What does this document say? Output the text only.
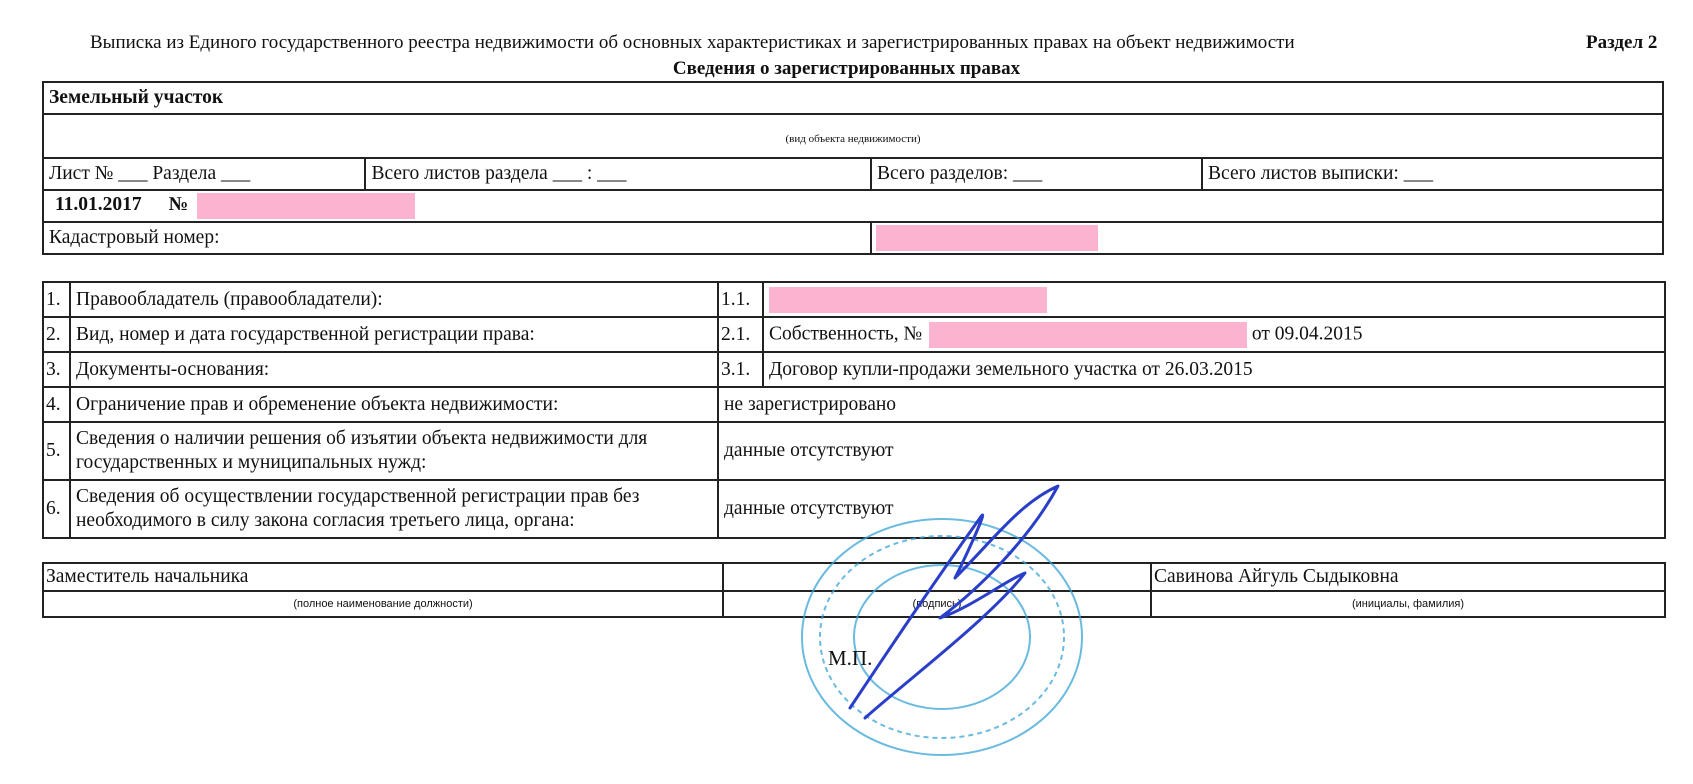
Выписка из Единого государственного реестра недвижимости об основных характеристиках и зарегистрированных правах на объект недвижимости	Раздел 2
Сведения о зарегистрированных правах
Земельный участок			
(вид объекта недвижимости)			
Лист № ___ Раздела ___	Всего листов раздела ___ : ___	Всего разделов: ___	Всего листов выписки: ___
11.01.2017 №			
Кадастровый номер:			
1.	Правообладатель (правообладатели):	1.1.	
2.	Вид, номер и дата государственной регистрации права:	2.1.	Собственность, № от 09.04.2015
3.	Документы-основания:	3.1.	Договор купли-продажи земельного участка от 26.03.2015
4.	Ограничение прав и обременение объекта недвижимости:	не зарегистрировано	
5.	Сведения о наличии решения об изъятии объекта недвижимости для государственных и муниципальных нужд:	данные отсутствуют	
6.	Сведения об осуществлении государственной регистрации прав без необходимого в силу закона согласия третьего лица, органа:	данные отсутствуют	
Заместитель начальника		Савинова Айгуль Сыдыковна
(полное наименование должности)	(подпись)	(инициалы, фамилия)
М.П.
